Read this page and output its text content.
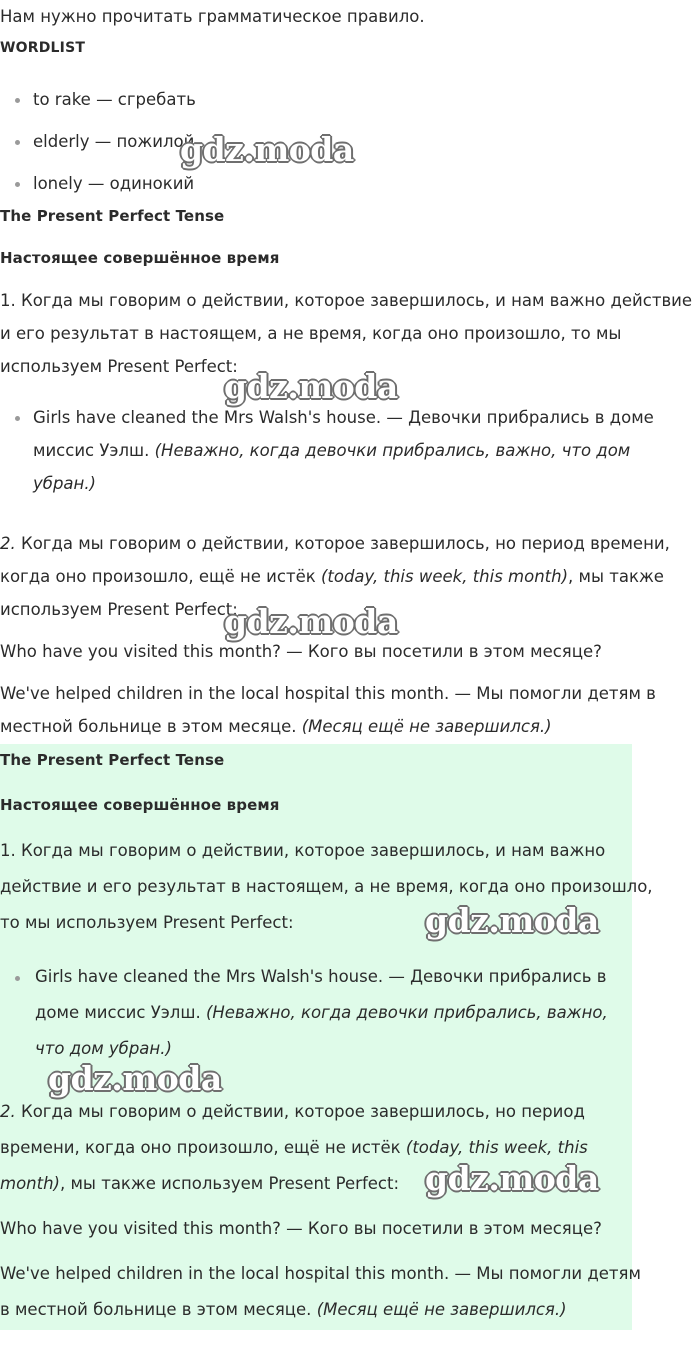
Нам нужно прочитать грамматическое правило.
WORDLIST
to rake — сгребать
elderly — пожилой
lonely — одинокий
The Present Perfect Tense
Настоящее совершённое время
1. Когда мы говорим о действии, которое завершилось, и нам важно действие
и его результат в настоящем, а не время, когда оно произошло, то мы
используем Present Perfect:
Girls have cleaned the Mrs Walsh's house. — Девочки прибрались в доме
миссис Уэлш. (Неважно, когда девочки прибрались, важно, что дом
убран.)
2. Когда мы говорим о действии, которое завершилось, но период времени,
когда оно произошло, ещё не истёк (today, this week, this month), мы также
используем Present Perfect:
Who have you visited this month? — Кого вы посетили в этом месяце?
We've helped children in the local hospital this month. — Мы помогли детям в
местной больнице в этом месяце. (Месяц ещё не завершился.)
The Present Perfect Tense
Настоящее совершённое время
1. Когда мы говорим о действии, которое завершилось, и нам важно
действие и его результат в настоящем, а не время, когда оно произошло,
то мы используем Present Perfect:
Girls have cleaned the Mrs Walsh's house. — Девочки прибрались в
доме миссис Уэлш. (Неважно, когда девочки прибрались, важно,
что дом убран.)
2. Когда мы говорим о действии, которое завершилось, но период
времени, когда оно произошло, ещё не истёк (today, this week, this
month), мы также используем Present Perfect:
Who have you visited this month? — Кого вы посетили в этом месяце?
We've helped children in the local hospital this month. — Мы помогли детям
в местной больнице в этом месяце. (Месяц ещё не завершился.)
gdz.moda
gdz.moda
gdz.moda
gdz.moda
gdz.moda
gdz.moda
